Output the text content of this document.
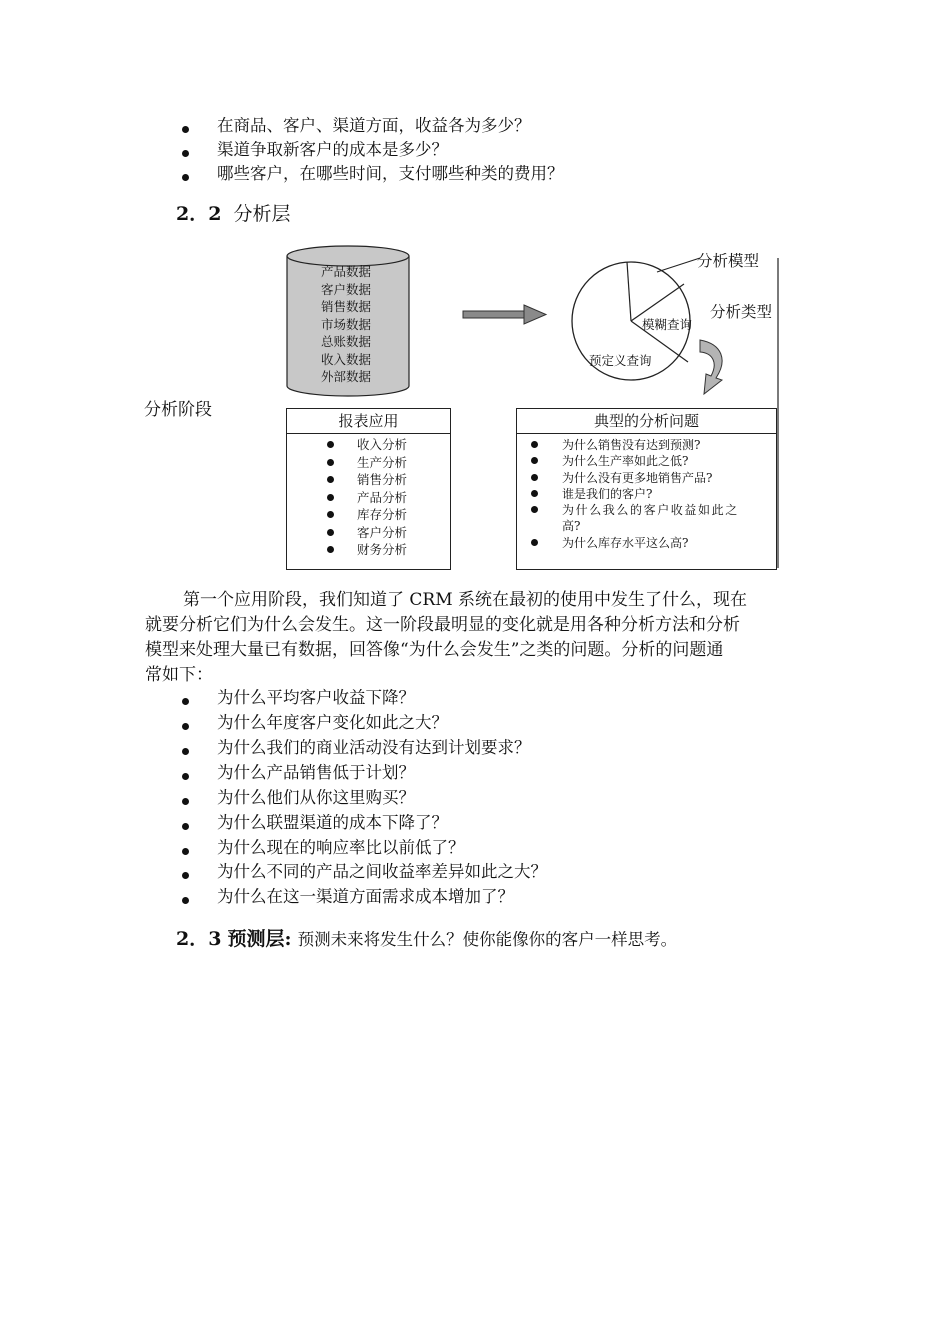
在商品、客户、渠道方面，收益各为多少？
渠道争取新客户的成本是多少？
哪些客户，在哪些时间，支付哪些种类的费用？
2．2 分析层
产品数据
客户数据
销售数据
市场数据
总账数据
收入数据
外部数据
分析模型
分析类型
模糊查询
预定义查询
分析阶段
报表应用
收入分析
生产分析
销售分析
产品分析
库存分析
客户分析
财务分析
典型的分析问题
为什么销售没有达到预测?
为什么生产率如此之低?
为什么没有更多地销售产品?
谁是我们的客户?
为什么我么的客户收益如此之
高?
为什么库存水平这么高?
第一个应用阶段，我们知道了 CRM 系统在最初的使用中发生了什么，现在
就要分析它们为什么会发生。这一阶段最明显的变化就是用各种分析方法和分析
模型来处理大量已有数据，回答像“为什么会发生”之类的问题。分析的问题通
常如下：
为什么平均客户收益下降？
为什么年度客户变化如此之大？
为什么我们的商业活动没有达到计划要求？
为什么产品销售低于计划？
为什么他们从你这里购买？
为什么联盟渠道的成本下降了？
为什么现在的响应率比以前低了？
为什么不同的产品之间收益率差异如此之大？
为什么在这一渠道方面需求成本增加了？
2．3 预测层: 预测未来将发生什么？使你能像你的客户一样思考。
